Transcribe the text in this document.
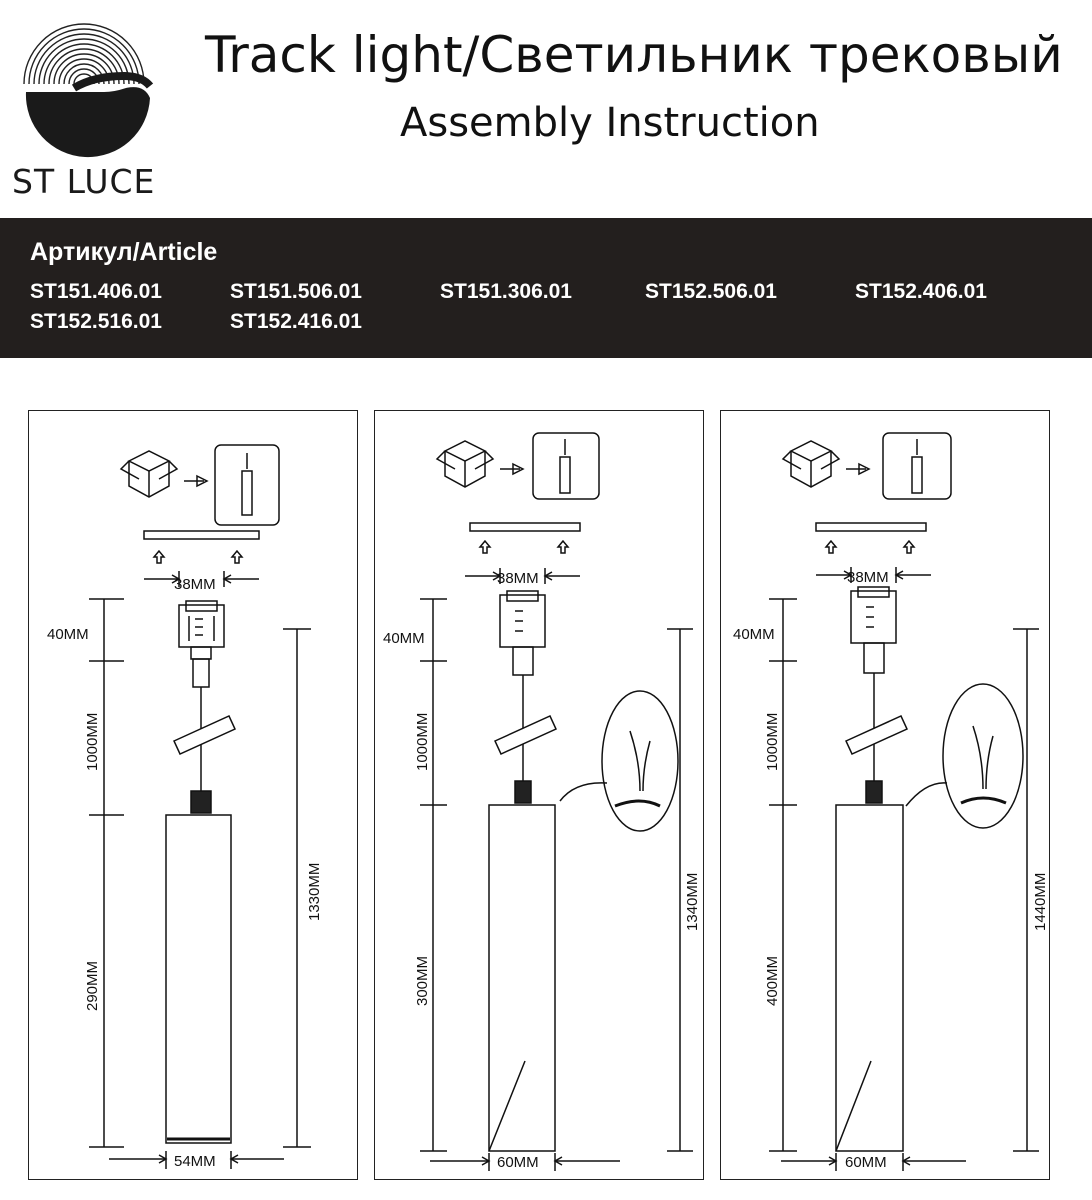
ST LUCE
Track light/Светильник трековый
Assembly Instruction
Артикул/Article
ST151.406.01	ST151.506.01	ST151.306.01	ST152.506.01	ST152.406.01
ST152.516.01	ST152.416.01
38MM
40MM
1000MM
290MM
1330MM
54MM
38MM
40MM
1000MM
300MM
1340MM
60MM
38MM
40MM
1000MM
400MM
1440MM
60MM
